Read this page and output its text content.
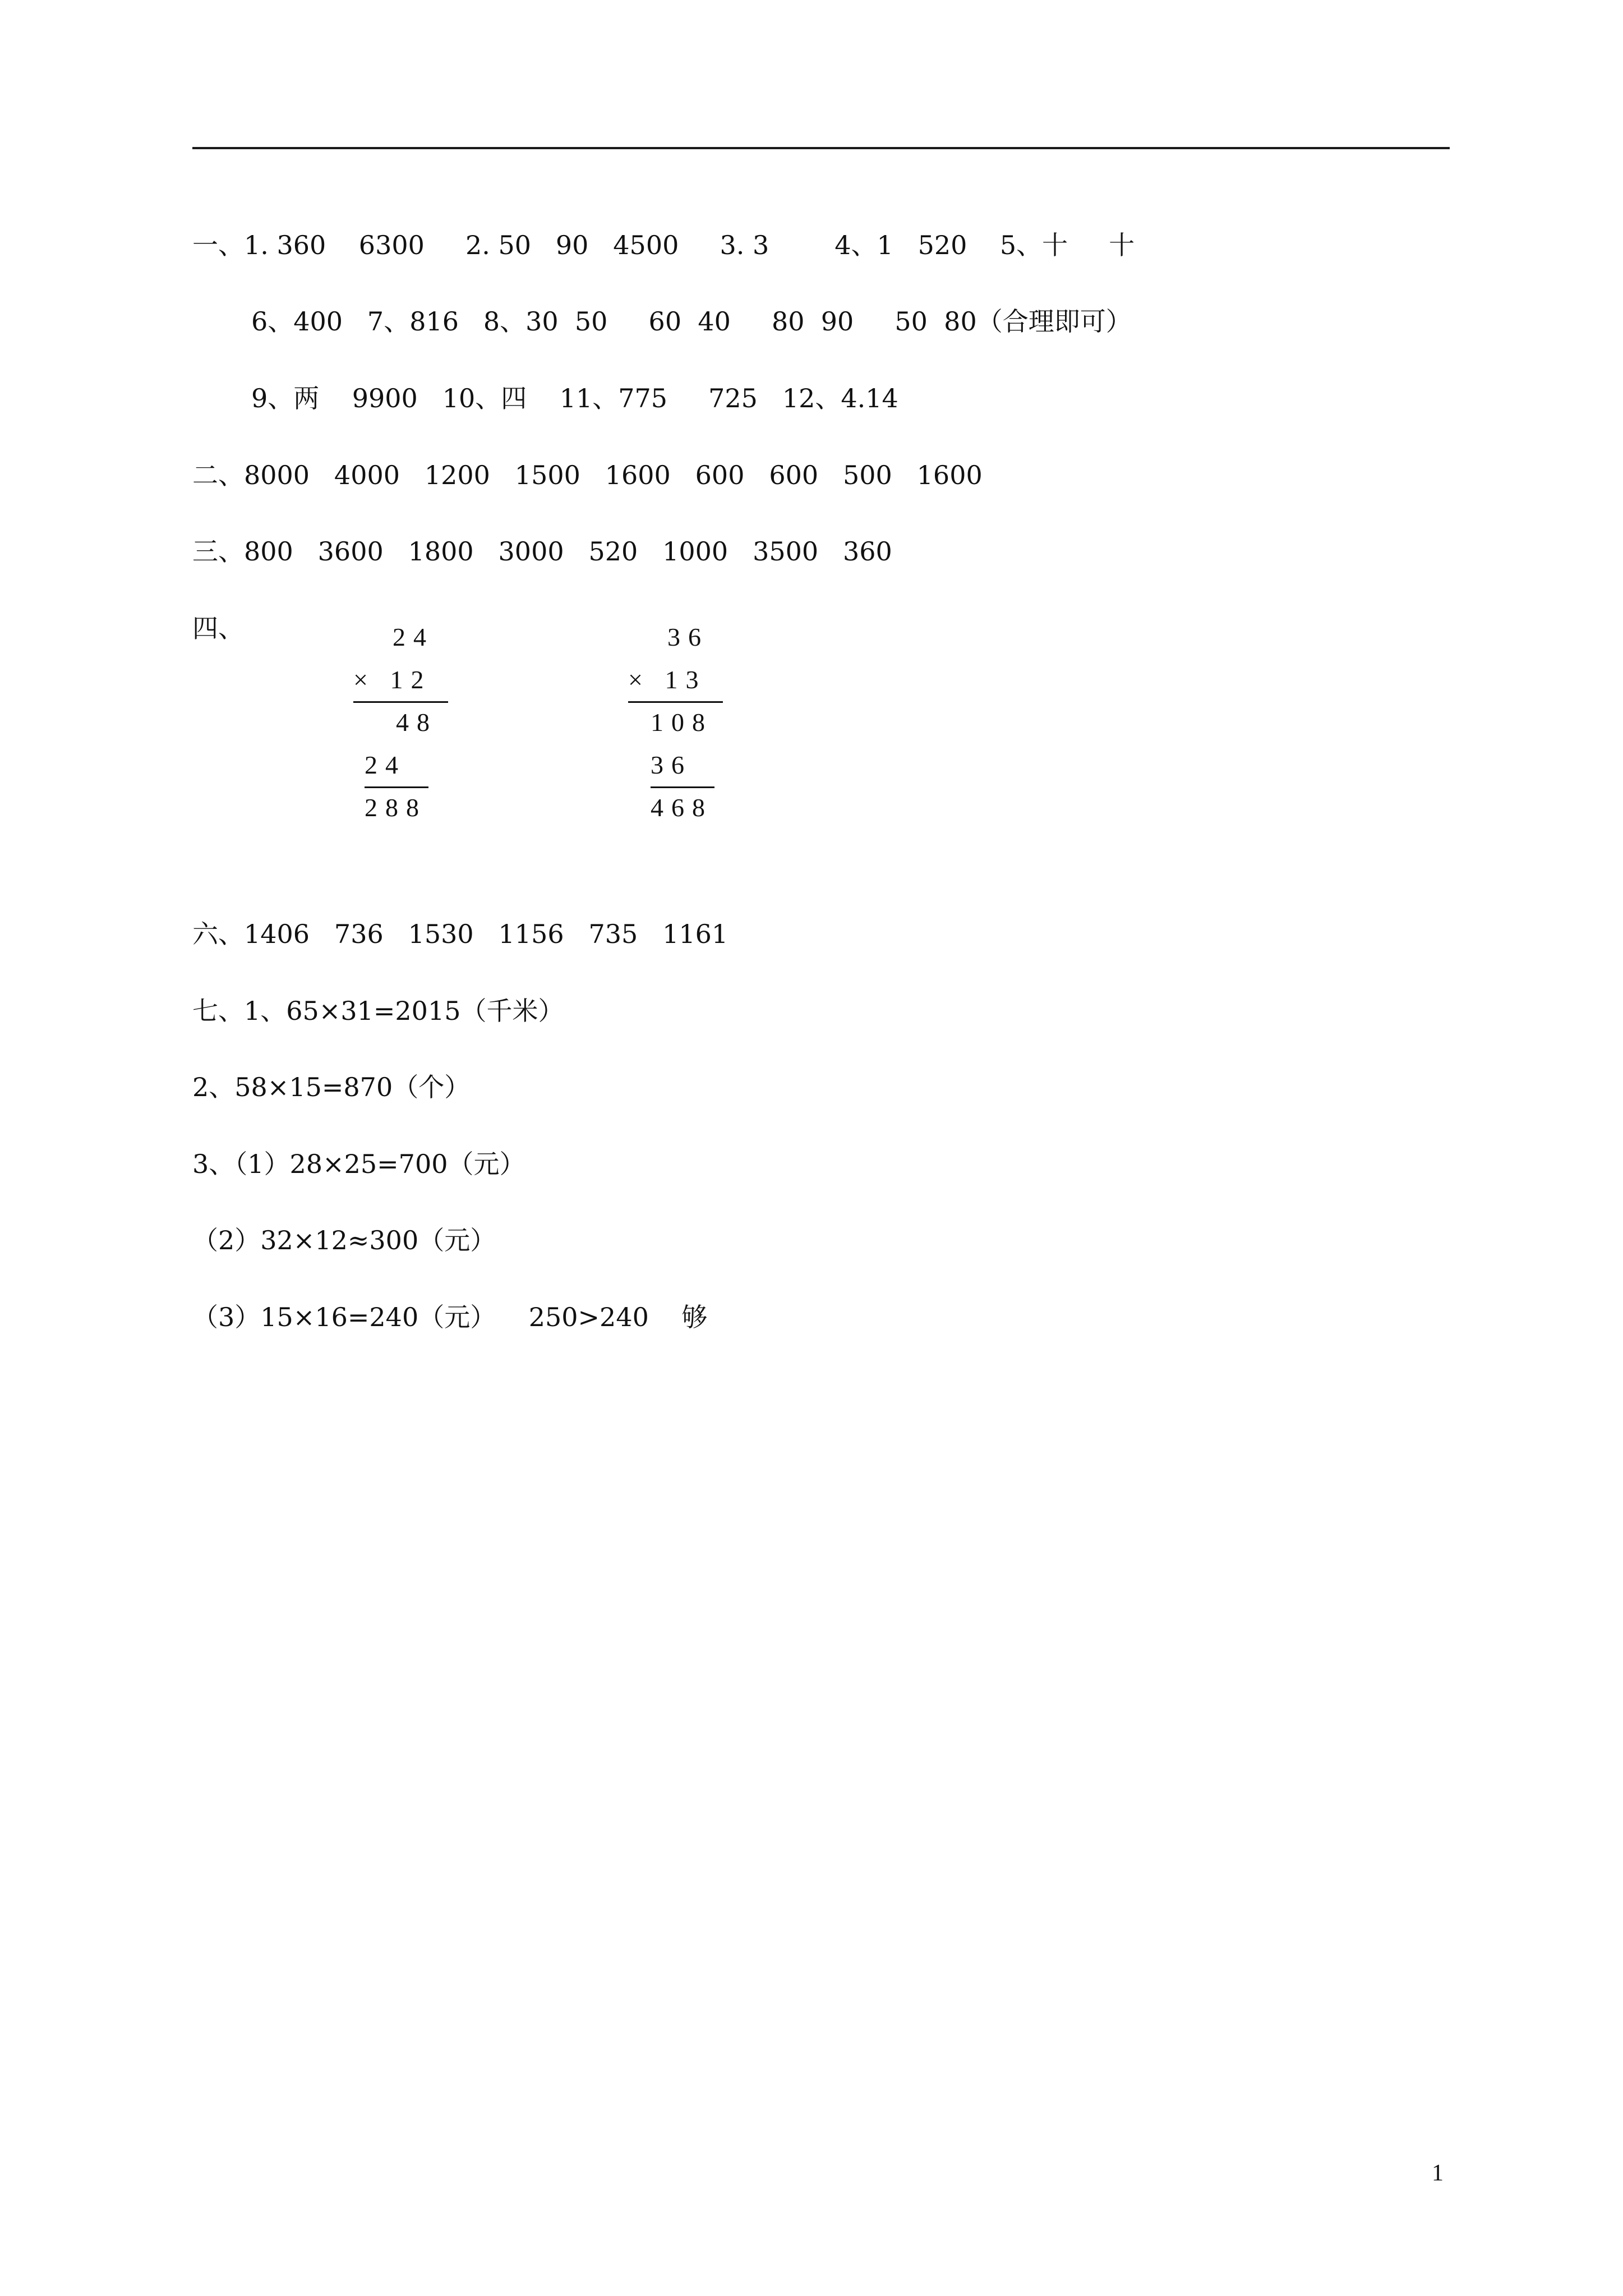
一、1. 360    6300     2. 50   90   4500     3. 3        4、1   520    5、十     十
6、400   7、816   8、30  50     60  40     80  90     50  80（合理即可）
9、两    9900   10、四    11、775     725   12、4.14
二、8000   4000   1200   1500   1600   600   600   500   1600
三、800   3600   1800   3000   520   1000   3500   360
四、

	24

× 12

48

24

288

36

× 13

108

36

468

六、1406   736   1530   1156   735   1161
七、1、65×31=2015（千米）
2、58×15=870（个）
3、（1）28×25=700（元）
（2）32×12≈300（元）
（3）15×16=240（元）    250>240    够
1
